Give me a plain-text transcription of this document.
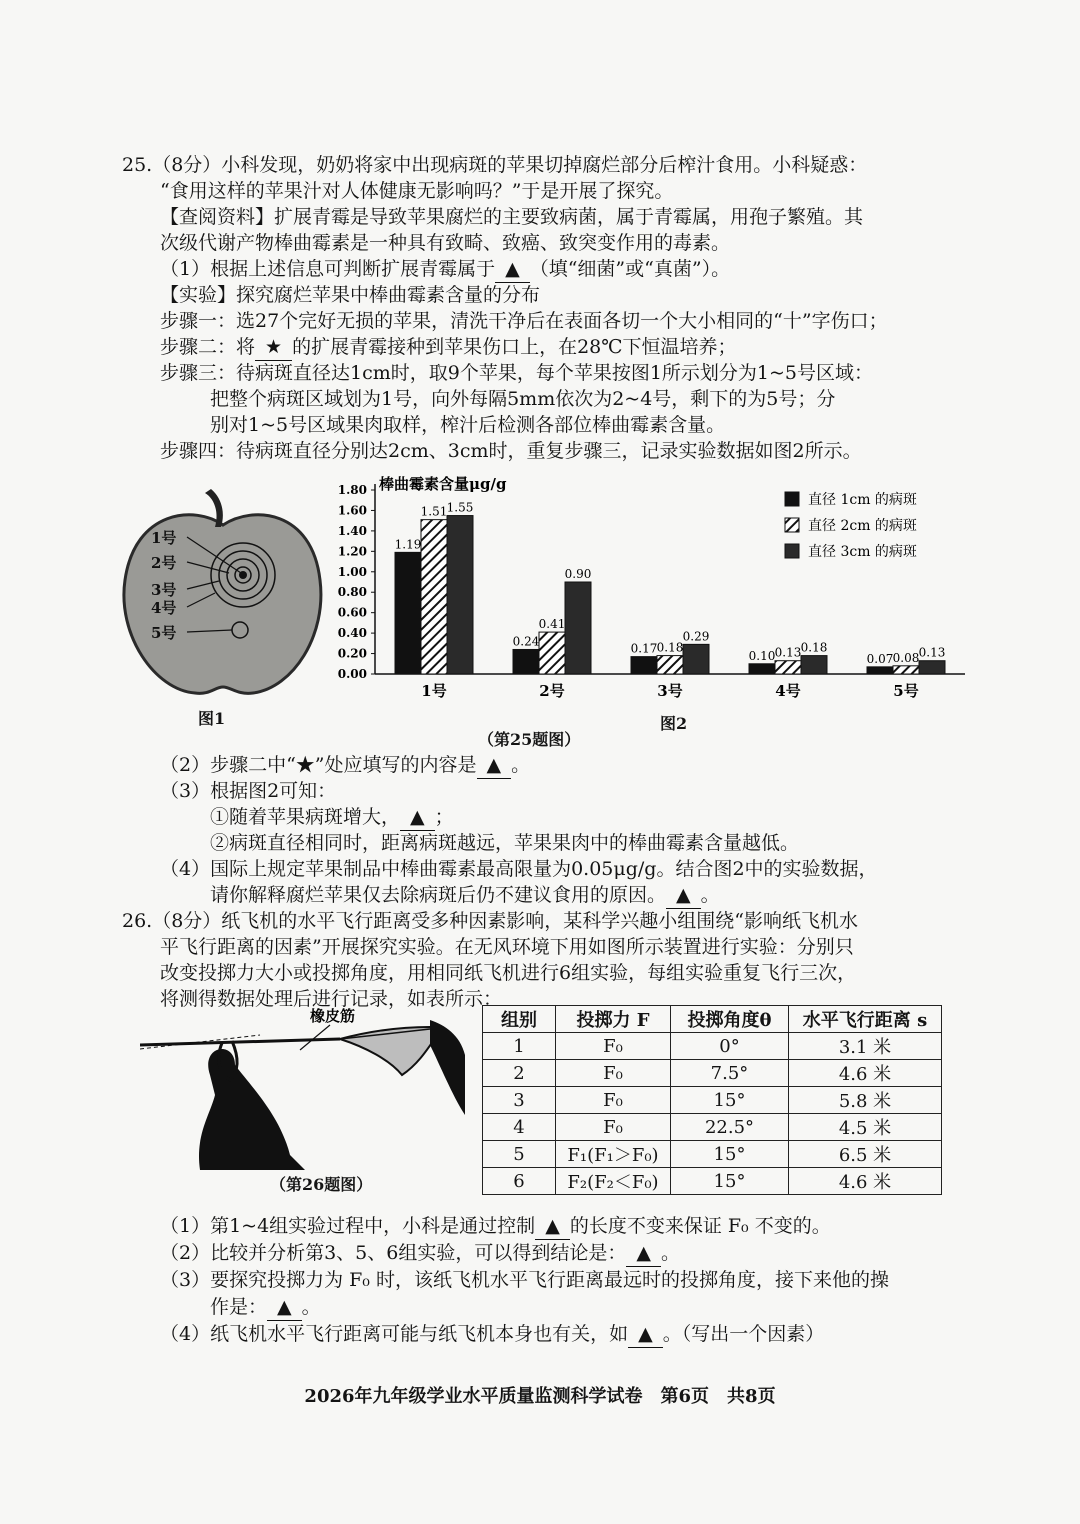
25.（8分）小科发现，奶奶将家中出现病斑的苹果切掉腐烂部分后榨汁食用。小科疑惑：
“食用这样的苹果汁对人体健康无影响吗？”于是开展了探究。
【查阅资料】扩展青霉是导致苹果腐烂的主要致病菌，属于青霉属，用孢子繁殖。其
次级代谢产物棒曲霉素是一种具有致畸、致癌、致突变作用的毒素。
（1）根据上述信息可判断扩展青霉属于 ▲ （填“细菌”或“真菌”）。
【实验】探究腐烂苹果中棒曲霉素含量的分布
步骤一：选27个完好无损的苹果，清洗干净后在表面各切一个大小相同的“十”字伤口；
步骤二：将 ★ 的扩展青霉接种到苹果伤口上，在28℃下恒温培养；
步骤三：待病斑直径达1cm时，取9个苹果，每个苹果按图1所示划分为1~5号区域：
把整个病斑区域划为1号，向外每隔5mm依次为2~4号，剩下的为5号；分
别对1~5号区域果肉取样，榨汁后检测各部位棒曲霉素含量。
步骤四：待病斑直径分别达2cm、3cm时，重复步骤三，记录实验数据如图2所示。
1号
2号
3号
4号
5号
图1
0.00
0.20
0.40
0.60
0.80
1.00
1.20
1.40
1.60
1.80 棒曲霉素含量μg/g
1.19
1.51 1.55
1号
0.24
0.41
0.90
2号
0.17 0.18
0.29
3号
0.10 0.13 0.18
4号
0.07 0.08 0.13
5号
直径 1cm 的病斑
直径 2cm 的病斑
直径 3cm 的病斑
图2
（第25题图）
（2）步骤二中“★”处应填写的内容是 ▲ 。
（3）根据图2可知：
①随着苹果病斑增大， ▲ ；
②病斑直径相同时，距离病斑越远，苹果果肉中的棒曲霉素含量越低。
（4）国际上规定苹果制品中棒曲霉素最高限量为0.05μg/g。结合图2中的实验数据，
请你解释腐烂苹果仅去除病斑后仍不建议食用的原因。 ▲ 。
26.（8分）纸飞机的水平飞行距离受多种因素影响，某科学兴趣小组围绕“影响纸飞机水
平飞行距离的因素”开展探究实验。在无风环境下用如图所示装置进行实验：分别只
改变投掷力大小或投掷角度，用相同纸飞机进行6组实验，每组实验重复飞行三次，
将测得数据处理后进行记录，如表所示：
橡皮筋
（第26题图）
组别	投掷力 F	投掷角度θ	水平飞行距离 s
1	F₀	0°	3.1 米
2	F₀	7.5°	4.6 米
3	F₀	15°	5.8 米
4	F₀	22.5°	4.5 米
5	F₁(F₁＞F₀)	15°	6.5 米
6	F₂(F₂＜F₀)	15°	4.6 米
（1）第1~4组实验过程中，小科是通过控制 ▲ 的长度不变来保证 F₀ 不变的。
（2）比较并分析第3、5、6组实验，可以得到结论是： ▲ 。
（3）要探究投掷力为 F₀ 时，该纸飞机水平飞行距离最远时的投掷角度，接下来他的操
作是： ▲ 。
（4）纸飞机水平飞行距离可能与纸飞机本身也有关，如 ▲ 。（写出一个因素）
2026年九年级学业水平质量监测科学试卷　第6页　共8页
